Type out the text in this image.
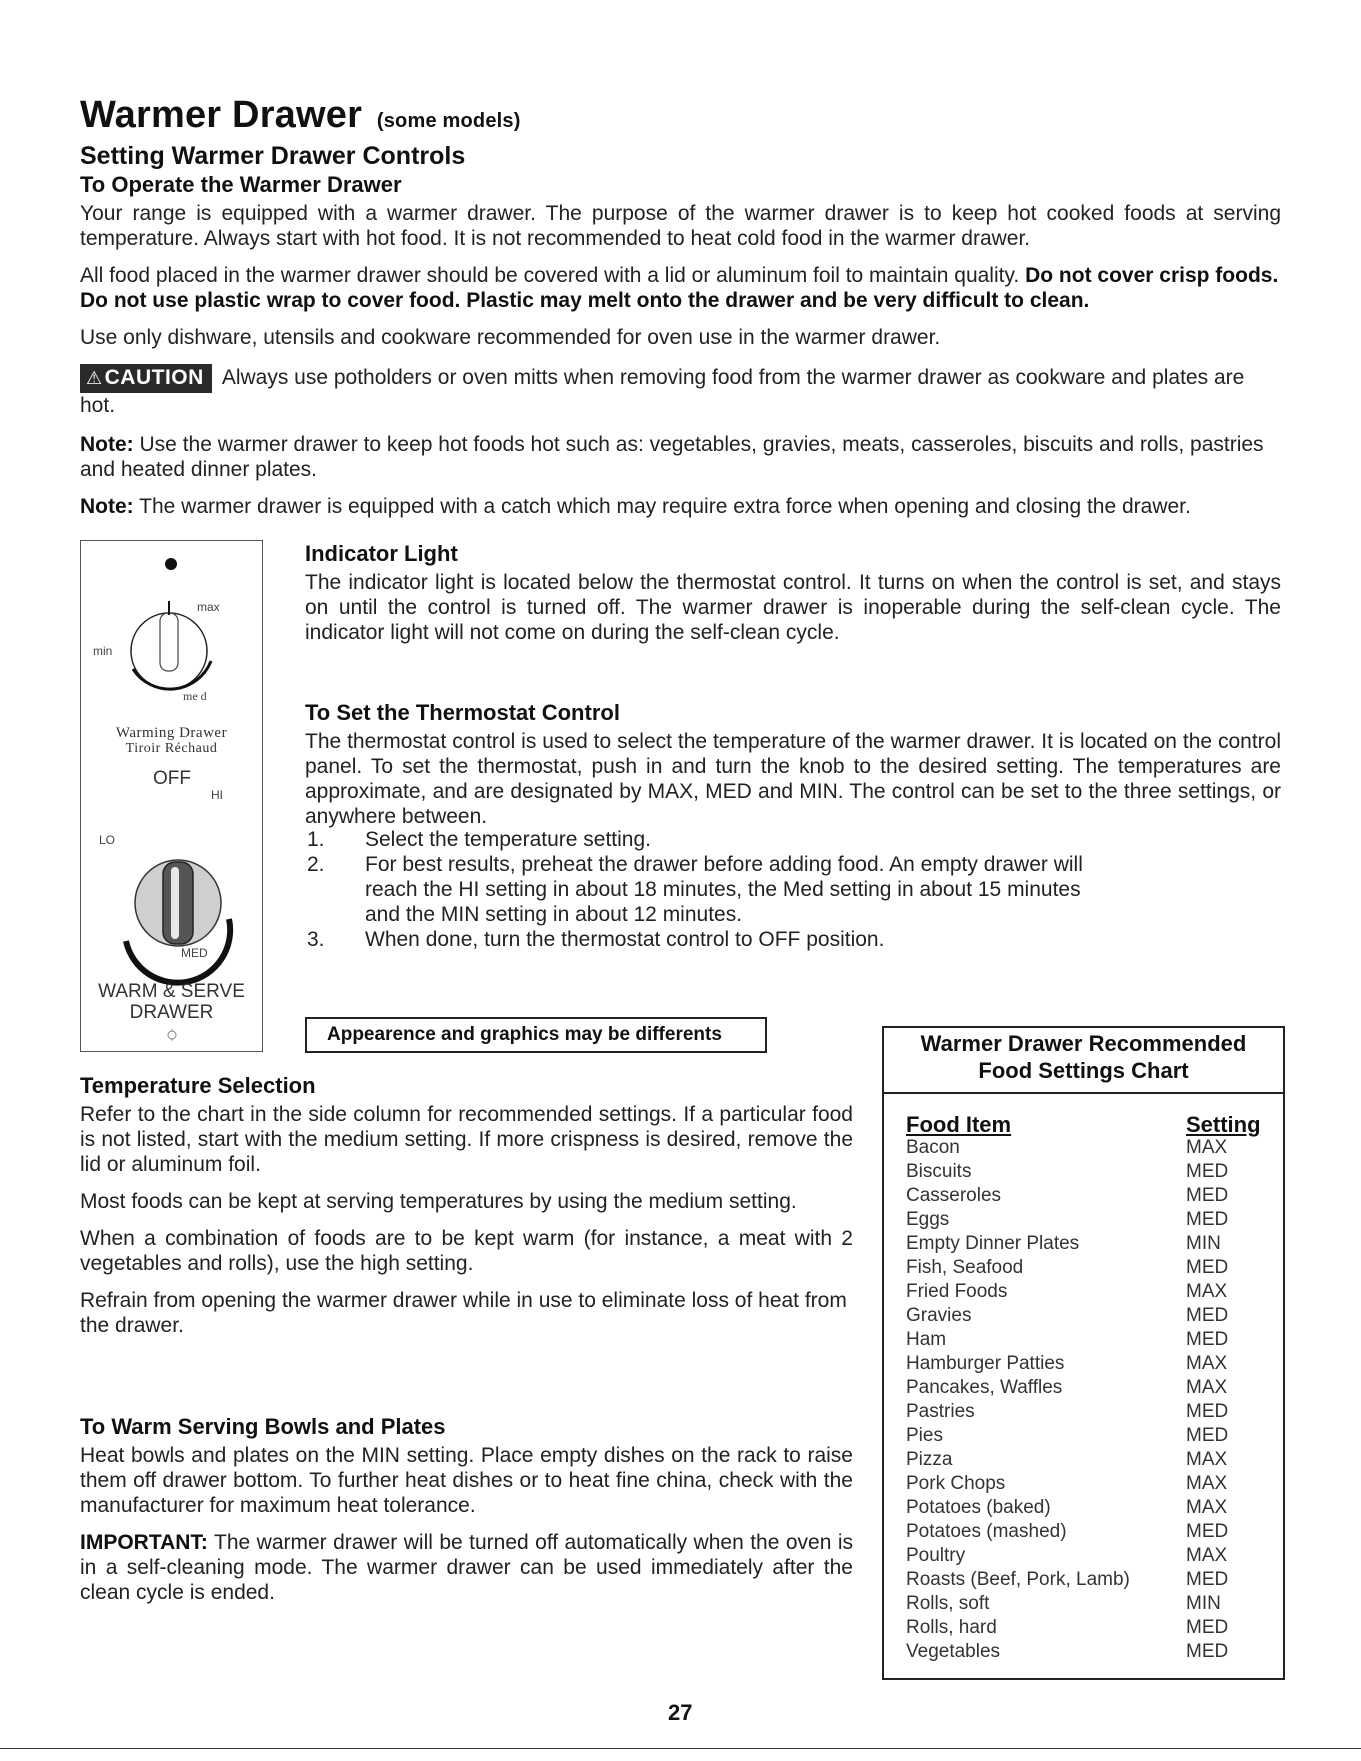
Warmer Drawer (some models)
Setting Warmer Drawer Controls

To Operate the Warmer Drawer

Your range is equipped with a warmer drawer. The purpose of the warmer drawer is to keep hot cooked foods at serving temperature. Always start with hot food. It is not recommended to heat cold food in the warmer drawer.

All food placed in the warmer drawer should be covered with a lid or aluminum foil to maintain quality. Do not cover crisp foods. Do not use plastic wrap to cover food. Plastic may melt onto the drawer and be very difficult to clean.

Use only dishware, utensils and cookware recommended for oven use in the warmer drawer.

⚠CAUTION Always use potholders or oven mitts when removing food from the warmer drawer as cookware and plates are hot.

Note: Use the warmer drawer to keep hot foods hot such as: vegetables, gravies, meats, casseroles, biscuits and rolls, pastries and heated dinner plates.

Note: The warmer drawer is equipped with a catch which may require extra force when opening and closing the drawer.

min
max
me d
Warming Drawer
Tiroir Réchaud
OFF
HI
LO
MED
WARM & SERVE
DRAWER

Indicator Light

The indicator light is located below the thermostat control. It turns on when the control is set, and stays on until the control is turned off. The warmer drawer is inoperable during the self-clean cycle. The indicator light will not come on during the self-clean cycle.

To Set the Thermostat Control

The thermostat control is used to select the temperature of the warmer drawer. It is located on the control panel. To set the thermostat, push in and turn the knob to the desired setting. The temperatures are approximate, and are designated by MAX, MED and MIN. The control can be set to the three settings, or anywhere between.

1. Select the temperature setting.
2. For best results, preheat the drawer before adding food. An empty drawer will reach the HI setting in about 18 minutes, the Med setting in about 15 minutes and the MIN setting in about 12 minutes.
3. When done, turn the thermostat control to OFF position.
Appearence and graphics may be differents

Temperature Selection

Refer to the chart in the side column for recommended settings. If a particular food is not listed, start with the medium setting. If more crispness is desired, remove the lid or aluminum foil.

Most foods can be kept at serving temperatures by using the medium setting.

When a combination of foods are to be kept warm (for instance, a meat with 2 vegetables and rolls), use the high setting.

Refrain from opening the warmer drawer while in use to eliminate loss of heat from the drawer.

To Warm Serving Bowls and Plates

Heat bowls and plates on the MIN setting. Place empty dishes on the rack to raise them off drawer bottom. To further heat dishes or to heat fine china, check with the manufacturer for maximum heat tolerance.

IMPORTANT: The warmer drawer will be turned off automatically when the oven is in a self-cleaning mode. The warmer drawer can be used immediately after the clean cycle is ended.

Warmer Drawer Recommended
Food Settings Chart
Food Item	Setting
Bacon	MAX
Biscuits	MED
Casseroles	MED
Eggs	MED
Empty Dinner Plates	MIN
Fish, Seafood	MED
Fried Foods	MAX
Gravies	MED
Ham	MED
Hamburger Patties	MAX
Pancakes, Waffles	MAX
Pastries	MED
Pies	MED
Pizza	MAX
Pork Chops	MAX
Potatoes (baked)	MAX
Potatoes (mashed)	MED
Poultry	MAX
Roasts (Beef, Pork, Lamb)	MED
Rolls, soft	MIN
Rolls, hard	MED
Vegetables	MED
27
